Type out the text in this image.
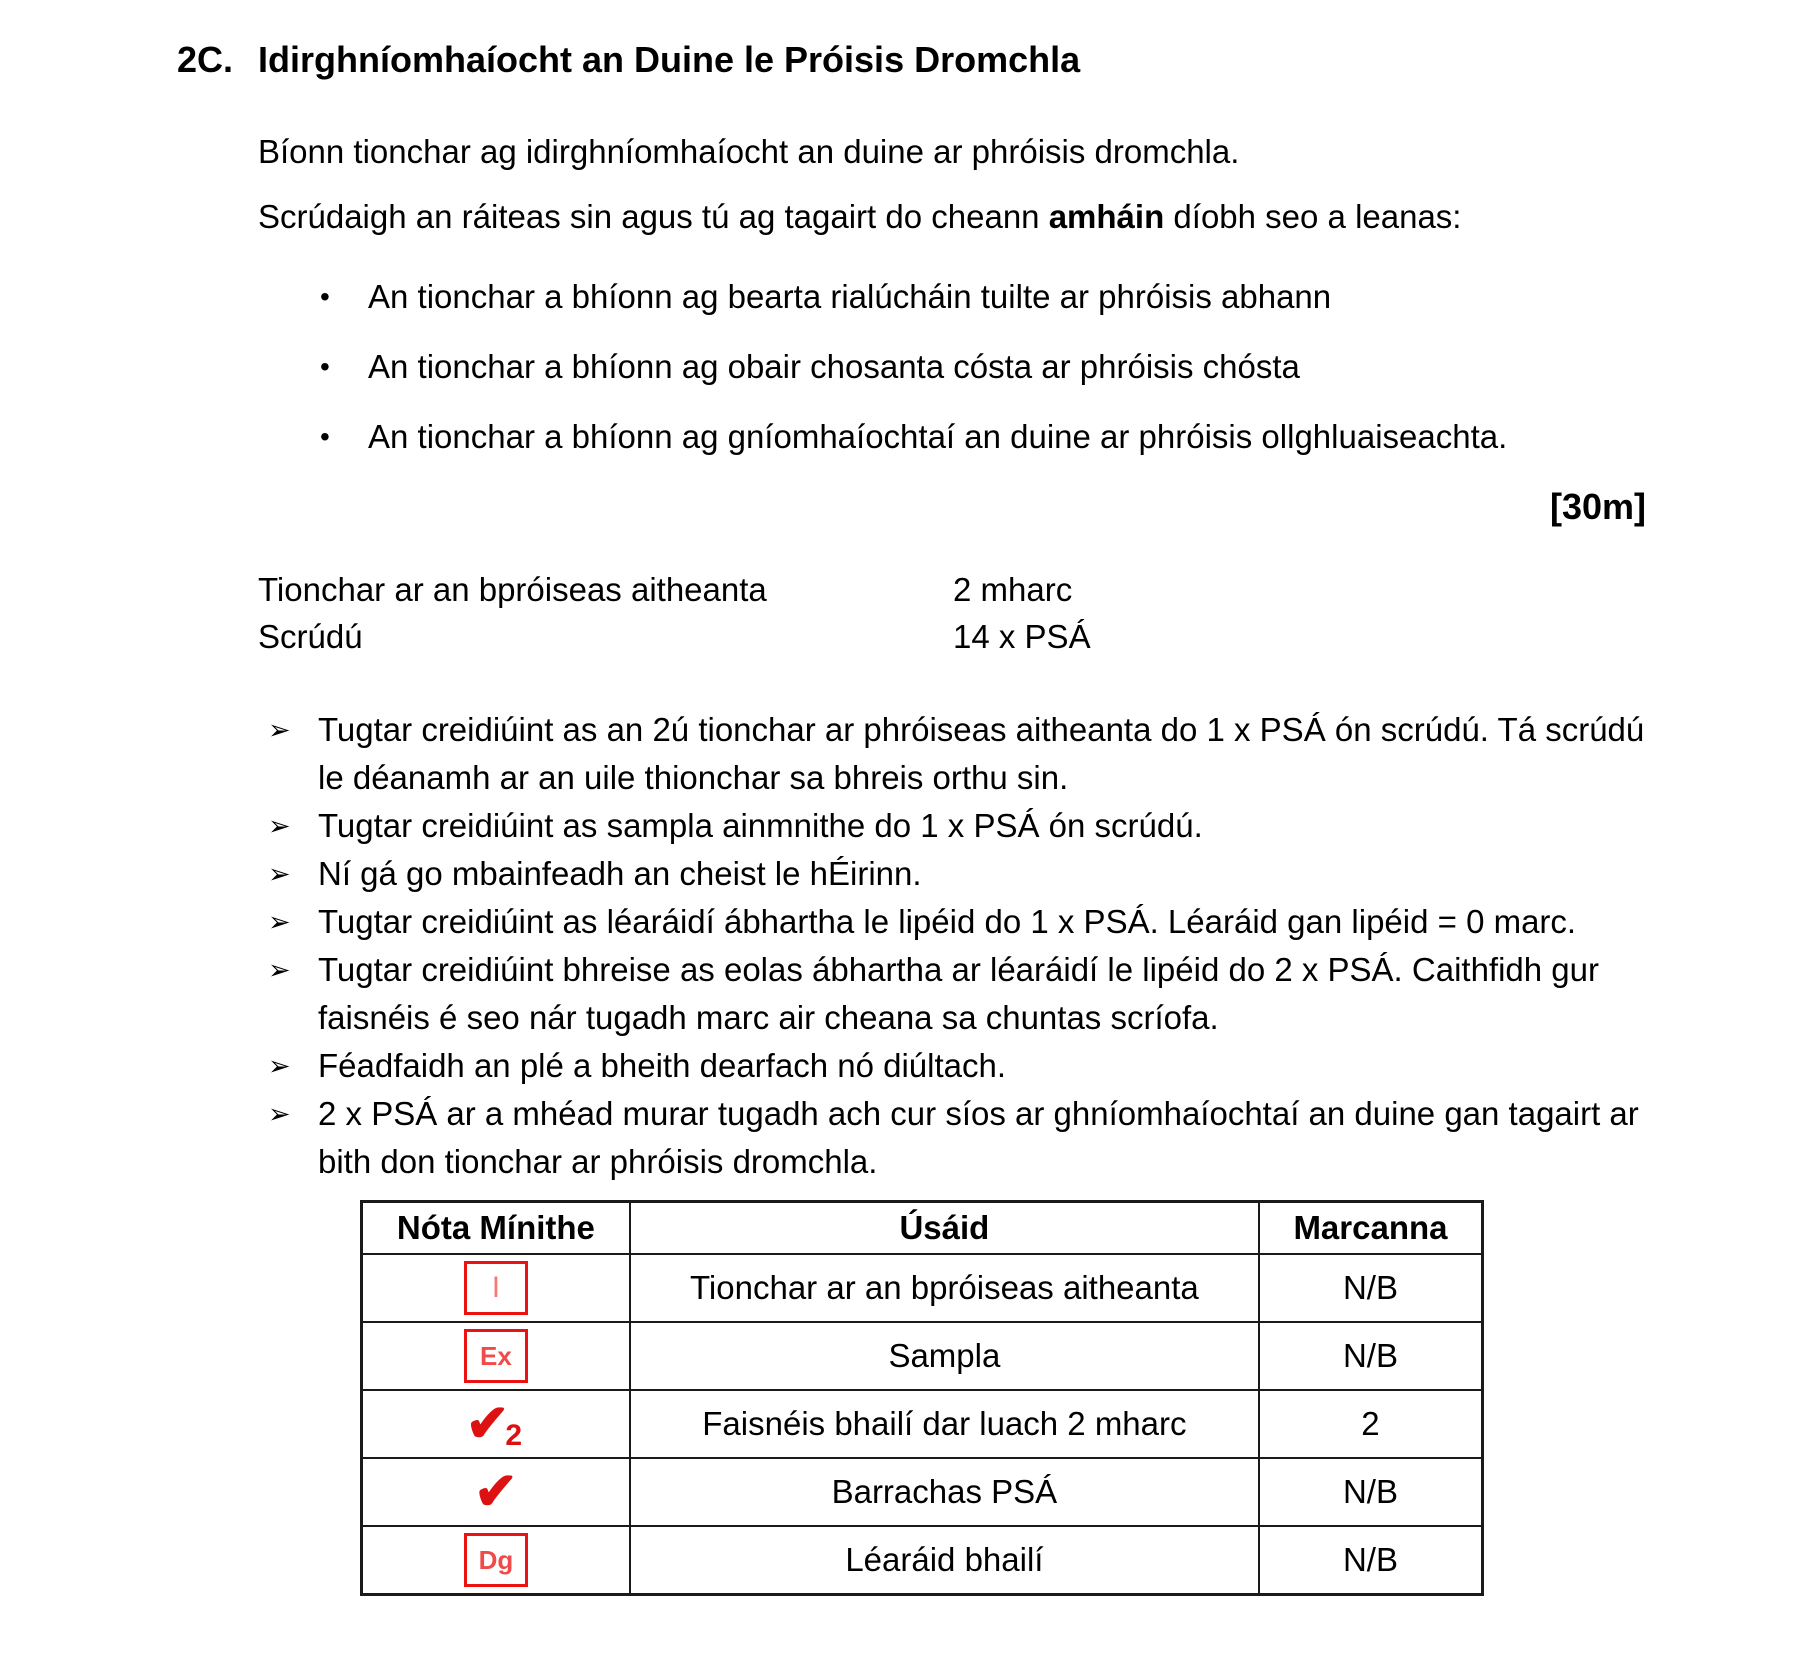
2C. Idirghníomhaíocht an Duine le Próisis Dromchla

Bíonn tionchar ag idirghníomhaíocht an duine ar phróisis dromchla.

Scrúdaigh an ráiteas sin agus tú ag tagairt do cheann amháin díobh seo a leanas:

•	An tionchar a bhíonn ag bearta rialúcháin tuilte ar phróisis abhann
•	An tionchar a bhíonn ag obair chosanta cósta ar phróisis chósta
•	An tionchar a bhíonn ag gníomhaíochtaí an duine ar phróisis ollghluaiseachta.
[30m]
Tionchar ar an bpróiseas aitheanta	2 mharc
Scrúdú	14 x PSÁ
➢ Tugtar creidiúint as an 2ú tionchar ar phróiseas aitheanta do 1 x PSÁ ón scrúdú. Tá scrúdú le déanamh ar an uile thionchar sa bhreis orthu sin.
➢ Tugtar creidiúint as sampla ainmnithe do 1 x PSÁ ón scrúdú.
➢ Ní gá go mbainfeadh an cheist le hÉirinn.
➢ Tugtar creidiúint as léaráidí ábhartha le lipéid do 1 x PSÁ. Léaráid gan lipéid = 0 marc.
➢ Tugtar creidiúint bhreise as eolas ábhartha ar léaráidí le lipéid do 2 x PSÁ. Caithfidh gur faisnéis é seo nár tugadh marc air cheana sa chuntas scríofa.
➢ Féadfaidh an plé a bheith dearfach nó diúltach.
➢ 2 x PSÁ ar a mhéad murar tugadh ach cur síos ar ghníomhaíochtaí an duine gan tagairt ar bith don tionchar ar phróisis dromchla.
Nóta Mínithe	Úsáid	Marcanna
I	Tionchar ar an bpróiseas aitheanta	N/B
Ex	Sampla	N/B
✔2	Faisnéis bhailí dar luach 2 mharc	2
✔	Barrachas PSÁ	N/B
Dg	Léaráid bhailí	N/B
